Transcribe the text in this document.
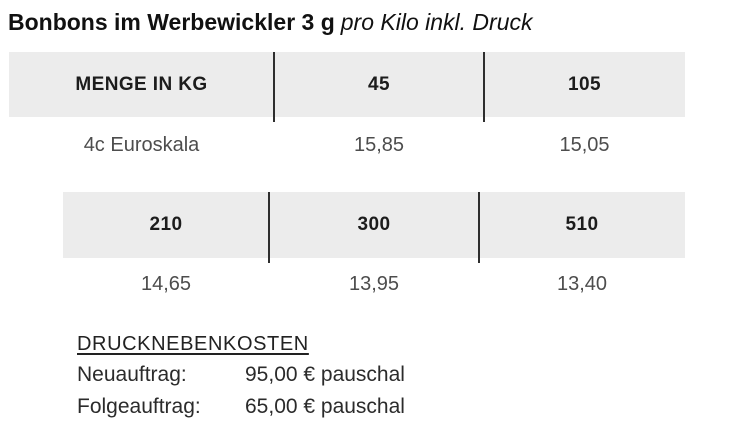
Bonbons im Werbewickler 3 g pro Kilo inkl. Druck
MENGE IN KG	45	105
4c Euroskala	15,85	15,05
210	300	510
14,65	13,95	13,40
DRUCKNEBENKOSTEN
Neuauftrag:	95,00 € pauschal
Folgeauftrag:	65,00 € pauschal
